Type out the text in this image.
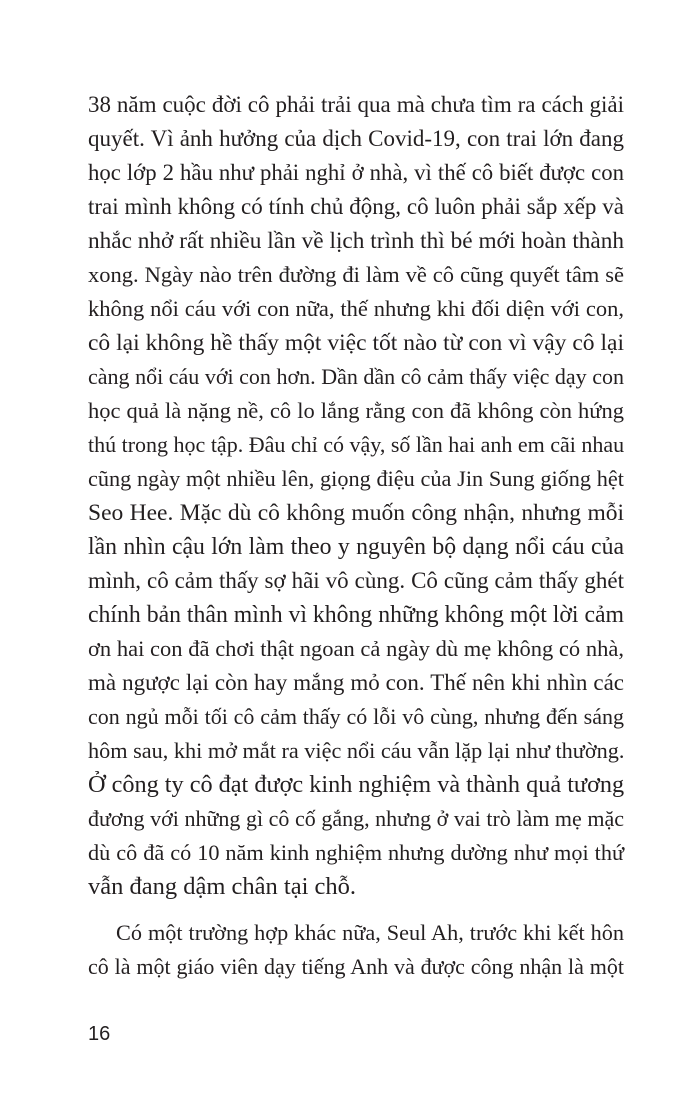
38 năm cuộc đời cô phải trải qua mà chưa tìm ra cách giải
quyết. Vì ảnh hưởng của dịch Covid-19, con trai lớn đang
học lớp 2 hầu như phải nghỉ ở nhà, vì thế cô biết được con
trai mình không có tính chủ động, cô luôn phải sắp xếp và
nhắc nhở rất nhiều lần về lịch trình thì bé mới hoàn thành
xong. Ngày nào trên đường đi làm về cô cũng quyết tâm sẽ
không nổi cáu với con nữa, thế nhưng khi đối diện với con,
cô lại không hề thấy một việc tốt nào từ con vì vậy cô lại
càng nổi cáu với con hơn. Dần dần cô cảm thấy việc dạy con
học quả là nặng nề, cô lo lắng rằng con đã không còn hứng
thú trong học tập. Đâu chỉ có vậy, số lần hai anh em cãi nhau
cũng ngày một nhiều lên, giọng điệu của Jin Sung giống hệt
Seo Hee. Mặc dù cô không muốn công nhận, nhưng mỗi
lần nhìn cậu lớn làm theo y nguyên bộ dạng nổi cáu của
mình, cô cảm thấy sợ hãi vô cùng. Cô cũng cảm thấy ghét
chính bản thân mình vì không những không một lời cảm
ơn hai con đã chơi thật ngoan cả ngày dù mẹ không có nhà,
mà ngược lại còn hay mắng mỏ con. Thế nên khi nhìn các
con ngủ mỗi tối cô cảm thấy có lỗi vô cùng, nhưng đến sáng
hôm sau, khi mở mắt ra việc nổi cáu vẫn lặp lại như thường.
Ở công ty cô đạt được kinh nghiệm và thành quả tương
đương với những gì cô cố gắng, nhưng ở vai trò làm mẹ mặc
dù cô đã có 10 năm kinh nghiệm nhưng dường như mọi thứ
vẫn đang dậm chân tại chỗ.
Có một trường hợp khác nữa, Seul Ah, trước khi kết hôn
cô là một giáo viên dạy tiếng Anh và được công nhận là một
16
